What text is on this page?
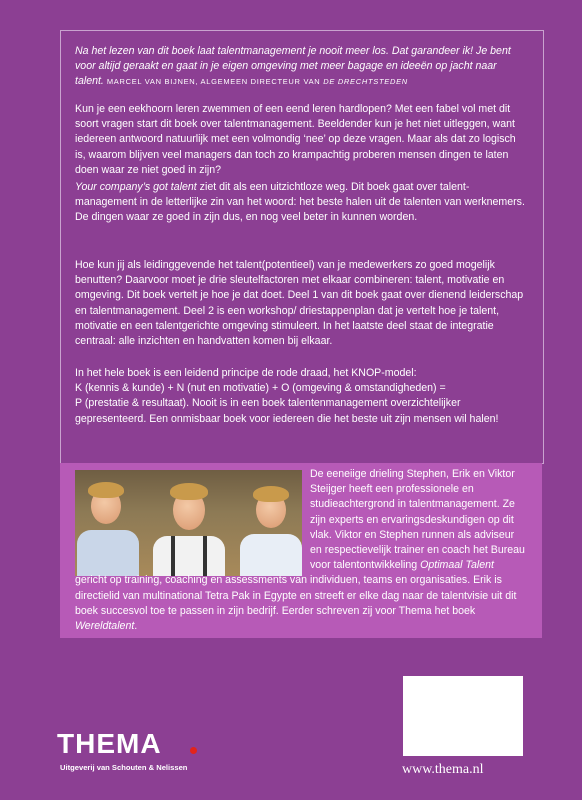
Na het lezen van dit boek laat talentmanagement je nooit meer los. Dat garandeer ik! Je bent voor altijd geraakt en gaat in je eigen omgeving met meer bagage en ideeën op jacht naar talent. MARCEL VAN BIJNEN, ALGEMEEN DIRECTEUR VAN DE DRECHTSTEDEN

Kun je een eekhoorn leren zwemmen of een eend leren hardlopen? Met een fabel vol met dit soort vragen start dit boek over talentmanagement. Beeldender kun je het niet uitleggen, want iedereen antwoord natuurlijk met een volmondig ‘nee’ op deze vragen. Maar als dat zo logisch is, waarom blijven veel managers dan toch zo krampachtig proberen mensen dingen te laten doen waar ze niet goed in zijn?

Your company’s got talent ziet dit als een uitzichtloze weg. Dit boek gaat over talent-management in de letterlijke zin van het woord: het beste halen uit de talenten van werknemers. De dingen waar ze goed in zijn dus, en nog veel beter in kunnen worden.

Hoe kun jij als leidinggevende het talent(potentieel) van je medewerkers zo goed mogelijk benutten? Daarvoor moet je drie sleutelfactoren met elkaar combineren: talent, motivatie en omgeving. Dit boek vertelt je hoe je dat doet. Deel 1 van dit boek gaat over dienend leiderschap en talentmanagement. Deel 2 is een workshop/ driestappenplan dat je vertelt hoe je talent, motivatie en een talentgerichte omgeving stimuleert. In het laatste deel staat de integratie centraal: alle inzichten en handvatten komen bij elkaar.

In het hele boek is een leidend principe de rode draad, het KNOP-model:
K (kennis & kunde) + N (nut en motivatie) + O (omgeving & omstandigheden) =
P (prestatie & resultaat). Nooit is in een boek talentenmanagement overzichtelijker gepresenteerd. Een onmisbaar boek voor iedereen die het beste uit zijn mensen wil halen!

De eeneiige drieling Stephen, Erik en Viktor Steijger heeft een professionele en studieachtergrond in talentmanagement. Ze zijn experts en ervaringsdeskundigen op dit vlak. Viktor en Stephen runnen als adviseur en respectievelijk trainer en coach het Bureau voor talentontwikkeling Optimaal Talent gericht op training, coaching en assessments van individuen, teams en organisaties. Erik is directielid van multinational Tetra Pak in Egypte en streeft er elke dag naar de talentvisie uit dit boek succesvol toe te passen in zijn bedrijf. Eerder schreven zij voor Thema het boek Wereldtalent.

THEMA
Uitgeverij van Schouten & Nelissen	www.thema.nl
